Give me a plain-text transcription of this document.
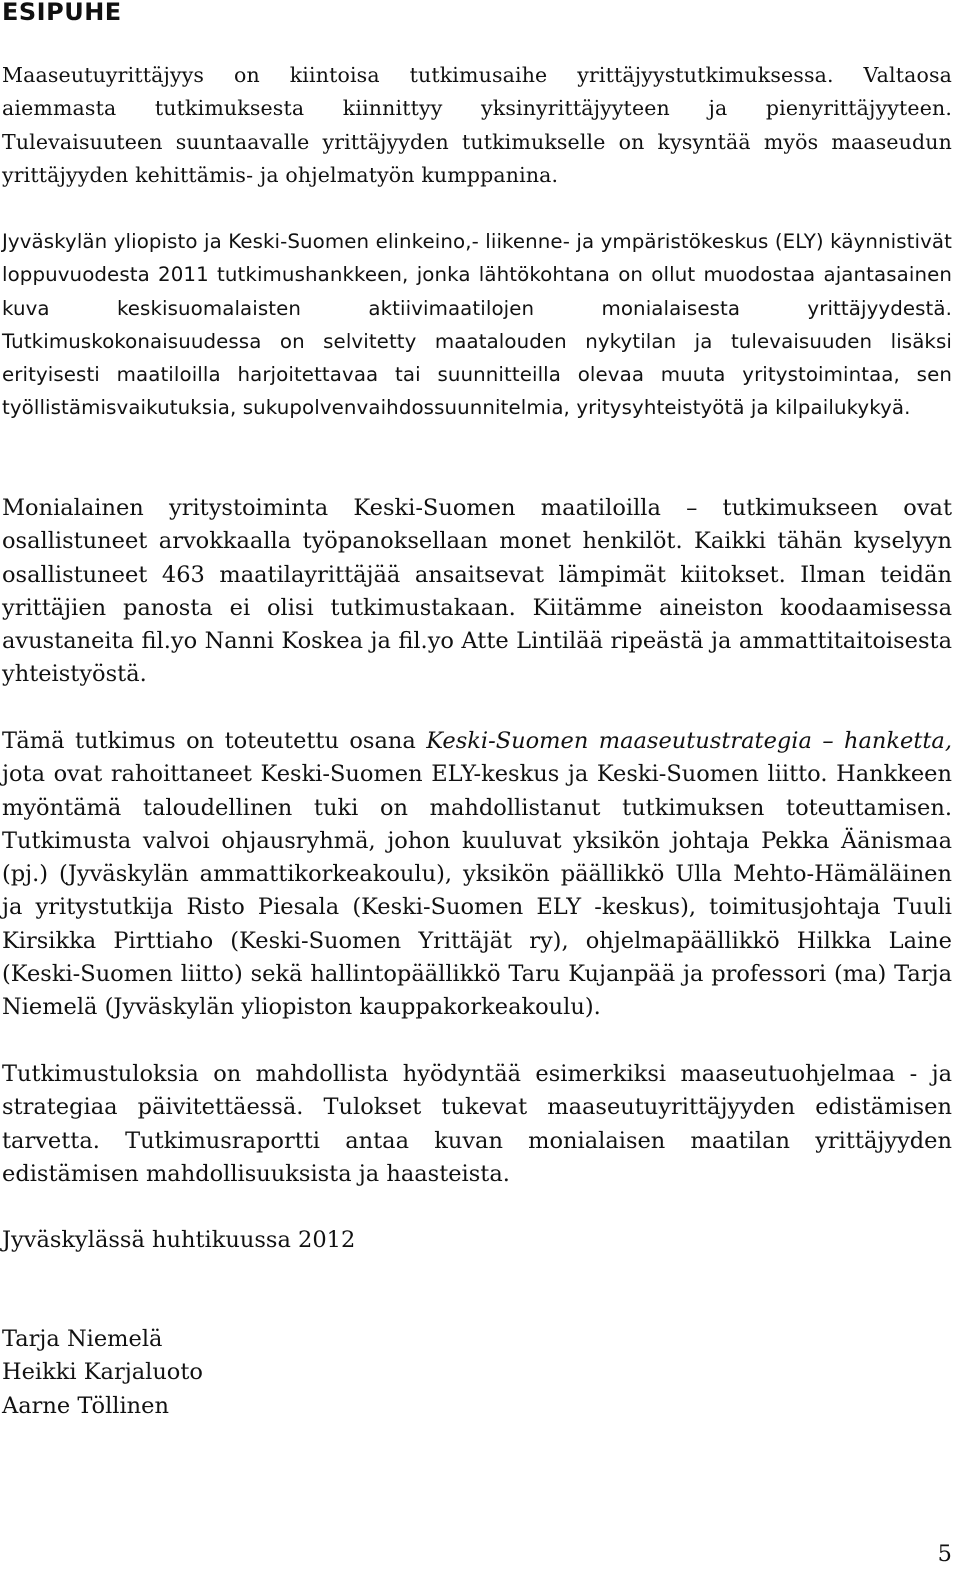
ESIPUHE

Maaseutuyrittäjyys on kiintoisa tutkimusaihe yrittäjyystutkimuksessa. Valtaosa aiemmasta tutkimuksesta kiinnittyy yksinyrittäjyyteen ja pienyrittäjyyteen. Tulevaisuuteen suuntaavalle yrittäjyyden tutkimukselle on kysyntää myös maaseudun yrittäjyyden kehittämis- ja ohjelmatyön kumppanina.

Jyväskylän yliopisto ja Keski-Suomen elinkeino,- liikenne- ja ympäristökeskus (ELY) käynnistivät loppuvuodesta 2011 tutkimushankkeen, jonka lähtökohtana on ollut muodostaa ajantasainen kuva keskisuomalaisten aktiivimaatilojen monialaisesta yrittäjyydestä. Tutkimuskokonaisuudessa on selvitetty maatalouden nykytilan ja tulevaisuuden lisäksi erityisesti maatiloilla harjoitettavaa tai suunnitteilla olevaa muuta yritystoimintaa, sen työllistämisvaikutuksia, sukupolvenvaihdossuunnitelmia, yritysyhteistyötä ja kilpailukykyä.

Monialainen yritystoiminta Keski-Suomen maatiloilla – tutkimukseen ovat osallistuneet arvokkaalla työpanoksellaan monet henkilöt. Kaikki tähän kyselyyn osallistuneet 463 maatilayrittäjää ansaitsevat lämpimät kiitokset. Ilman teidän yrittäjien panosta ei olisi tutkimustakaan. Kiitämme aineiston koodaamisessa avustaneita fil.yo Nanni Koskea ja fil.yo Atte Lintilää ripeästä ja ammattitaitoisesta yhteistyöstä.

Tämä tutkimus on toteutettu osana Keski-Suomen maaseutustrategia – hanketta, jota ovat rahoittaneet Keski-Suomen ELY-keskus ja Keski-Suomen liitto. Hankkeen myöntämä taloudellinen tuki on mahdollistanut tutkimuksen toteuttamisen. Tutkimusta valvoi ohjausryhmä, johon kuuluvat yksikön johtaja Pekka Äänismaa (pj.) (Jyväskylän ammattikorkeakoulu), yksikön päällikkö Ulla Mehto-Hämäläinen ja yritystutkija Risto Piesala (Keski-Suomen ELY -keskus), toimitusjohtaja Tuuli Kirsikka Pirttiaho (Keski-Suomen Yrittäjät ry), ohjelmapäällikkö Hilkka Laine (Keski-Suomen liitto) sekä hallintopäällikkö Taru Kujanpää ja professori (ma) Tarja Niemelä (Jyväskylän yliopiston kauppakorkeakoulu).

Tutkimustuloksia on mahdollista hyödyntää esimerkiksi maaseutuohjelmaa - ja strategiaa päivitettäessä. Tulokset tukevat maaseutuyrittäjyyden edistämisen tarvetta. Tutkimusraportti antaa kuvan monialaisen maatilan yrittäjyyden edistämisen mahdollisuuksista ja haasteista.

Jyväskylässä huhtikuussa 2012

Tarja Niemelä
Heikki Karjaluoto
Aarne Töllinen
5
